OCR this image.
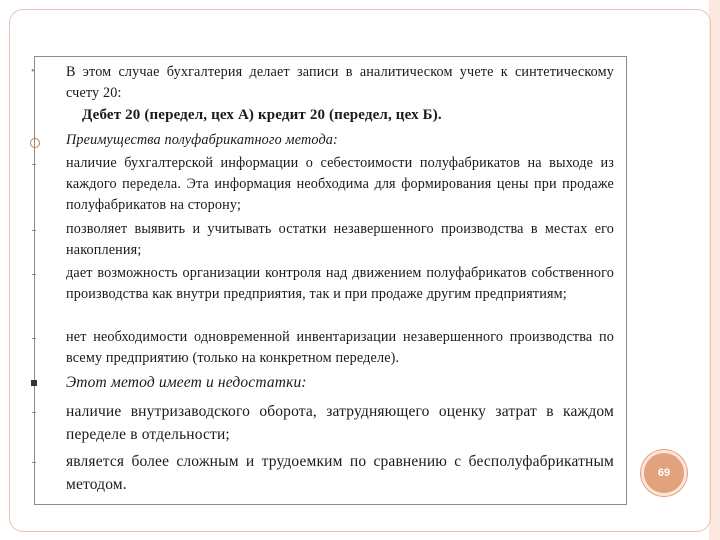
• В этом случае бухгалтерия делает записи в аналитическом учете к синтетическому счету 20:
Дебет 20 (передел, цех А) кредит 20 (передел, цех Б).
Преимущества полуфабрикатного метода:
наличие бухгалтерской информации о себестоимости полуфабрикатов на выходе из каждого передела. Эта информация необходима для формирования цены при продаже полуфабрикатов на сторону;
позволяет выявить и учитывать остатки незавершенного производства в местах его накопления;
дает возможность организации контроля над движением полуфабрикатов собственного производства как внутри предприятия, так и при продаже другим предприятиям;
нет необходимости одновременной инвентаризации незавершенного производства по всему предприятию (только на конкретном переделе).
Этот метод имеет и недостатки:
наличие внутризаводского оборота, затрудняющего оценку затрат в каждом переделе в отдельности;
является более сложным и трудоемким по сравнению с бесполуфабрикатным методом.
69
